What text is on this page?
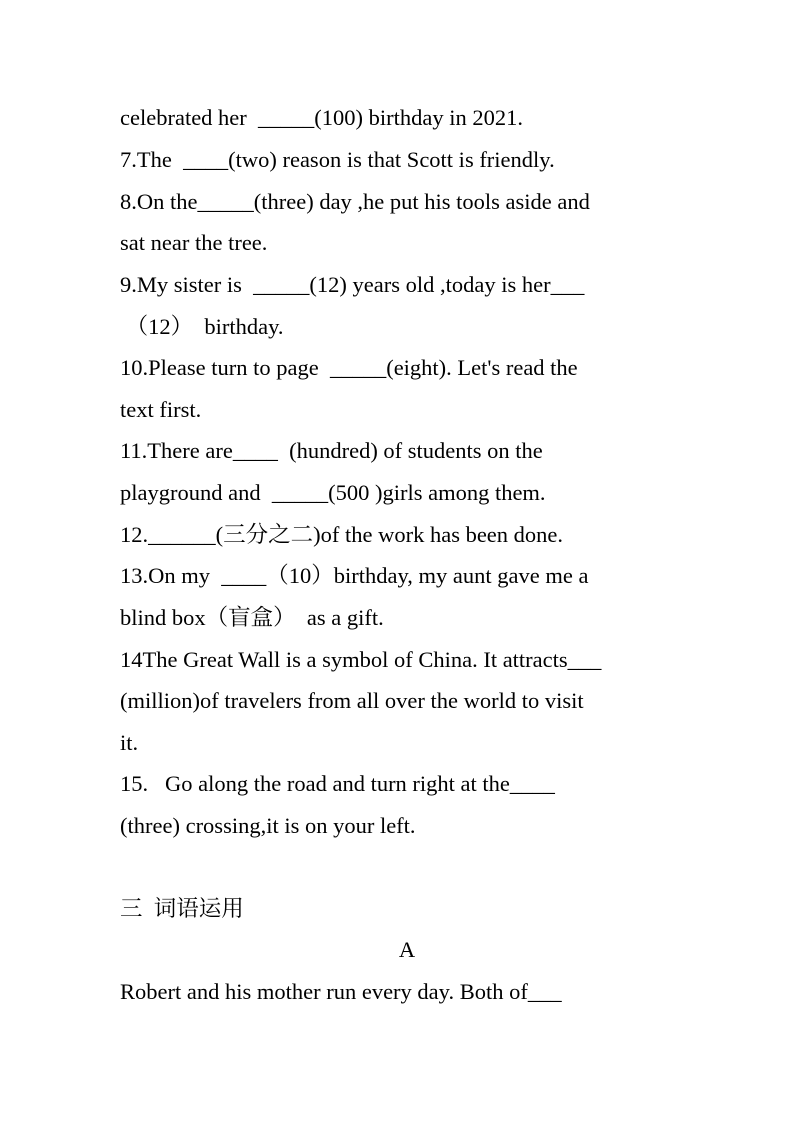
celebrated her  _____(100) birthday in 2021.
7.The  ____(two) reason is that Scott is friendly.
8.On the_____(three) day ,he put his tools aside and
sat near the tree.
9.My sister is  _____(12) years old ,today is her___
（12）  birthday.
10.Please turn to page  _____(eight). Let's read the
text first.
11.There are____  (hundred) of students on the
playground and  _____(500 )girls among them.
12.______(三分之二)of the work has been done.
13.On my  ____（10）birthday, my aunt gave me a
blind box（盲盒）  as a gift.
14The Great Wall is a symbol of China. It attracts___
(million)of travelers from all over the world to visit
it.
15.   Go along the road and turn right at the____
(three) crossing,it is on your left.
三  词语运用
A
Robert and his mother run every day. Both of___
